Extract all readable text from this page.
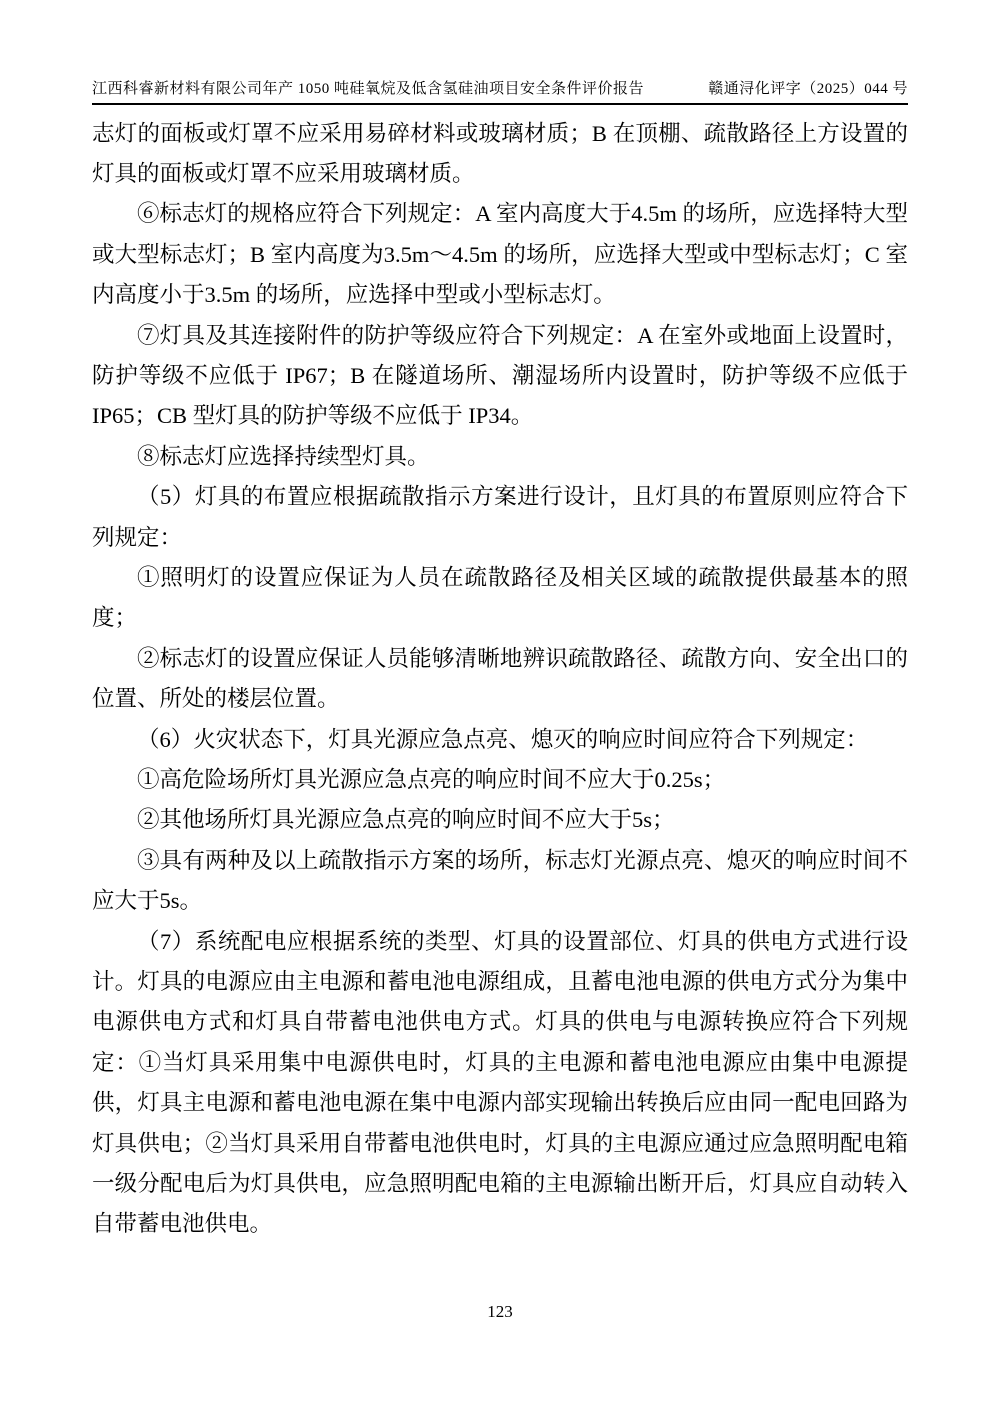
江西科睿新材料有限公司年产 1050 吨硅氧烷及低含氢硅油项目安全条件评价报告	赣通浔化评字（2025）044 号

志灯的面板或灯罩不应采用易碎材料或玻璃材质；B 在顶棚、疏散路径上方设置的灯具的面板或灯罩不应采用玻璃材质。

⑥标志灯的规格应符合下列规定：A 室内高度大于4.5m 的场所，应选择特大型或大型标志灯；B 室内高度为3.5m～4.5m 的场所，应选择大型或中型标志灯；C 室内高度小于3.5m 的场所，应选择中型或小型标志灯。

⑦灯具及其连接附件的防护等级应符合下列规定：A 在室外或地面上设置时，防护等级不应低于 IP67；B 在隧道场所、潮湿场所内设置时，防护等级不应低于 IP65；CB 型灯具的防护等级不应低于 IP34。

⑧标志灯应选择持续型灯具。

（5）灯具的布置应根据疏散指示方案进行设计，且灯具的布置原则应符合下列规定：

①照明灯的设置应保证为人员在疏散路径及相关区域的疏散提供最基本的照度；

②标志灯的设置应保证人员能够清晰地辨识疏散路径、疏散方向、安全出口的位置、所处的楼层位置。

（6）火灾状态下，灯具光源应急点亮、熄灭的响应时间应符合下列规定：

①高危险场所灯具光源应急点亮的响应时间不应大于0.25s；

②其他场所灯具光源应急点亮的响应时间不应大于5s；

③具有两种及以上疏散指示方案的场所，标志灯光源点亮、熄灭的响应时间不应大于5s。

（7）系统配电应根据系统的类型、灯具的设置部位、灯具的供电方式进行设计。灯具的电源应由主电源和蓄电池电源组成，且蓄电池电源的供电方式分为集中电源供电方式和灯具自带蓄电池供电方式。灯具的供电与电源转换应符合下列规定：①当灯具采用集中电源供电时，灯具的主电源和蓄电池电源应由集中电源提供，灯具主电源和蓄电池电源在集中电源内部实现输出转换后应由同一配电回路为灯具供电；②当灯具采用自带蓄电池供电时，灯具的主电源应通过应急照明配电箱一级分配电后为灯具供电，应急照明配电箱的主电源输出断开后，灯具应自动转入自带蓄电池供电。

123
